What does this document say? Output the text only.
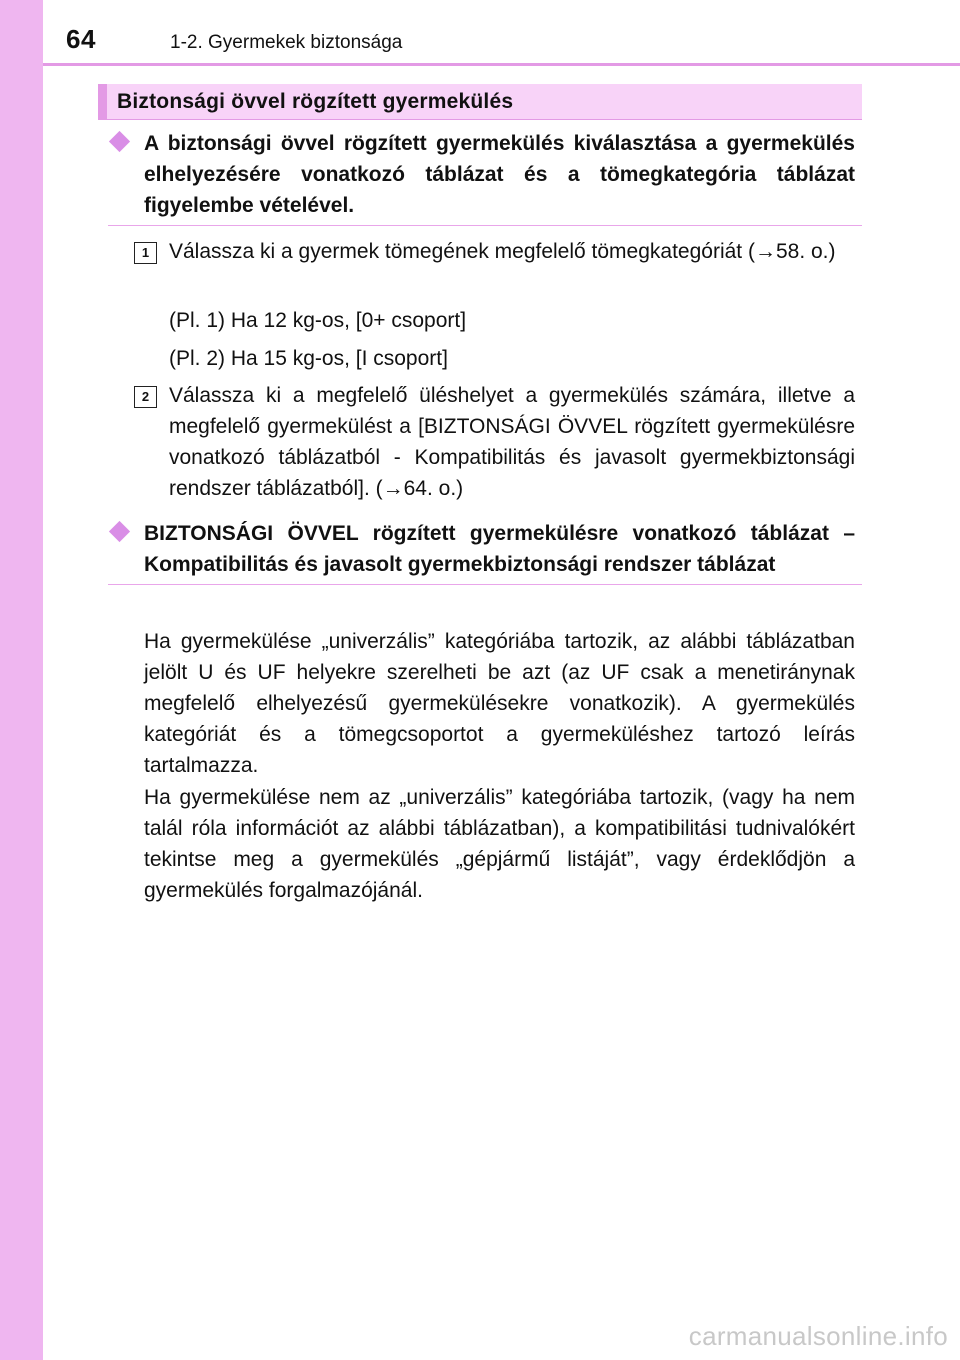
64	1-2. Gyermekek biztonsága
Biztonsági övvel rögzített gyermekülés
A biztonsági övvel rögzített gyermekülés kiválasztása a gyermekülés elhelyezésére vonatkozó táblázat és a tömegkategória táblázat figyelembe vételével.
1 Válassza ki a gyermek tömegének megfelelő tömegkategóriát (→58. o.)
(Pl. 1) Ha 12 kg-os, [0+ csoport]
(Pl. 2) Ha 15 kg-os, [I csoport]
2 Válassza ki a megfelelő üléshelyet a gyermekülés számára, illetve a megfelelő gyermekülést a [BIZTONSÁGI ÖVVEL rögzített gyermekülésre vonatkozó táblázatból - Kompatibilitás és javasolt gyermekbiztonsági rendszer táblázatból]. (→64. o.)
BIZTONSÁGI ÖVVEL rögzített gyermekülésre vonatkozó táblázat – Kompatibilitás és javasolt gyermekbiztonsági rendszer táblázat
Ha gyermekülése „univerzális” kategóriába tartozik, az alábbi táblázatban jelölt U és UF helyekre szerelheti be azt (az UF csak a menetiránynak megfelelő elhelyezésű gyermekülésekre vonatkozik). A gyermekülés kategóriát és a tömegcsoportot a gyermeküléshez tartozó leírás tartalmazza.
Ha gyermekülése nem az „univerzális” kategóriába tartozik, (vagy ha nem talál róla információt az alábbi táblázatban), a kompatibilitási tudnivalókért tekintse meg a gyermekülés „gépjármű listáját”, vagy érdeklődjön a gyermekülés forgalmazójánál.
carmanualsonline.info
